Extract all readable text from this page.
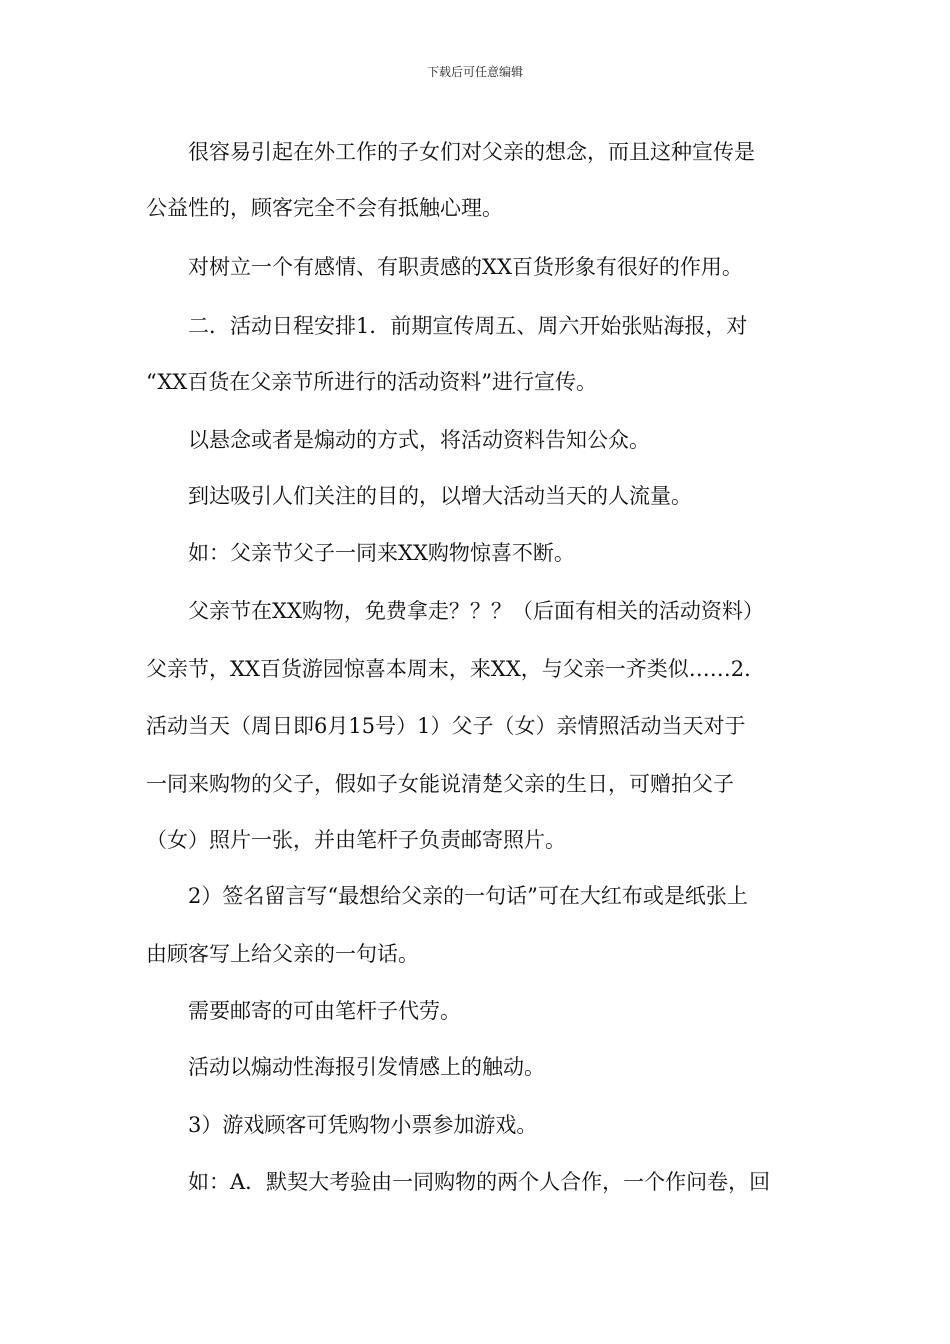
下载后可任意编辑
很容易引起在外工作的子女们对父亲的想念，而且这种宣传是
公益性的，顾客完全不会有抵触心理。
对树立一个有感情、有职责感的XX百货形象有很好的作用。
二．活动日程安排1．前期宣传周五、周六开始张贴海报，对
“XX百货在父亲节所进行的活动资料”进行宣传。
以悬念或者是煽动的方式，将活动资料告知公众。
到达吸引人们关注的目的，以增大活动当天的人流量。
如：父亲节父子一同来XX购物惊喜不断。
父亲节在XX购物，免费拿走？？？（后面有相关的活动资料）
父亲节，XX百货游园惊喜本周末，来XX，与父亲一齐类似……2．
活动当天（周日即6月15号）1）父子（女）亲情照活动当天对于
一同来购物的父子，假如子女能说清楚父亲的生日，可赠拍父子
（女）照片一张，并由笔杆子负责邮寄照片。
2）签名留言写“最想给父亲的一句话”可在大红布或是纸张上
由顾客写上给父亲的一句话。
需要邮寄的可由笔杆子代劳。
活动以煽动性海报引发情感上的触动。
3）游戏顾客可凭购物小票参加游戏。
如：A．默契大考验由一同购物的两个人合作，一个作问卷，回
